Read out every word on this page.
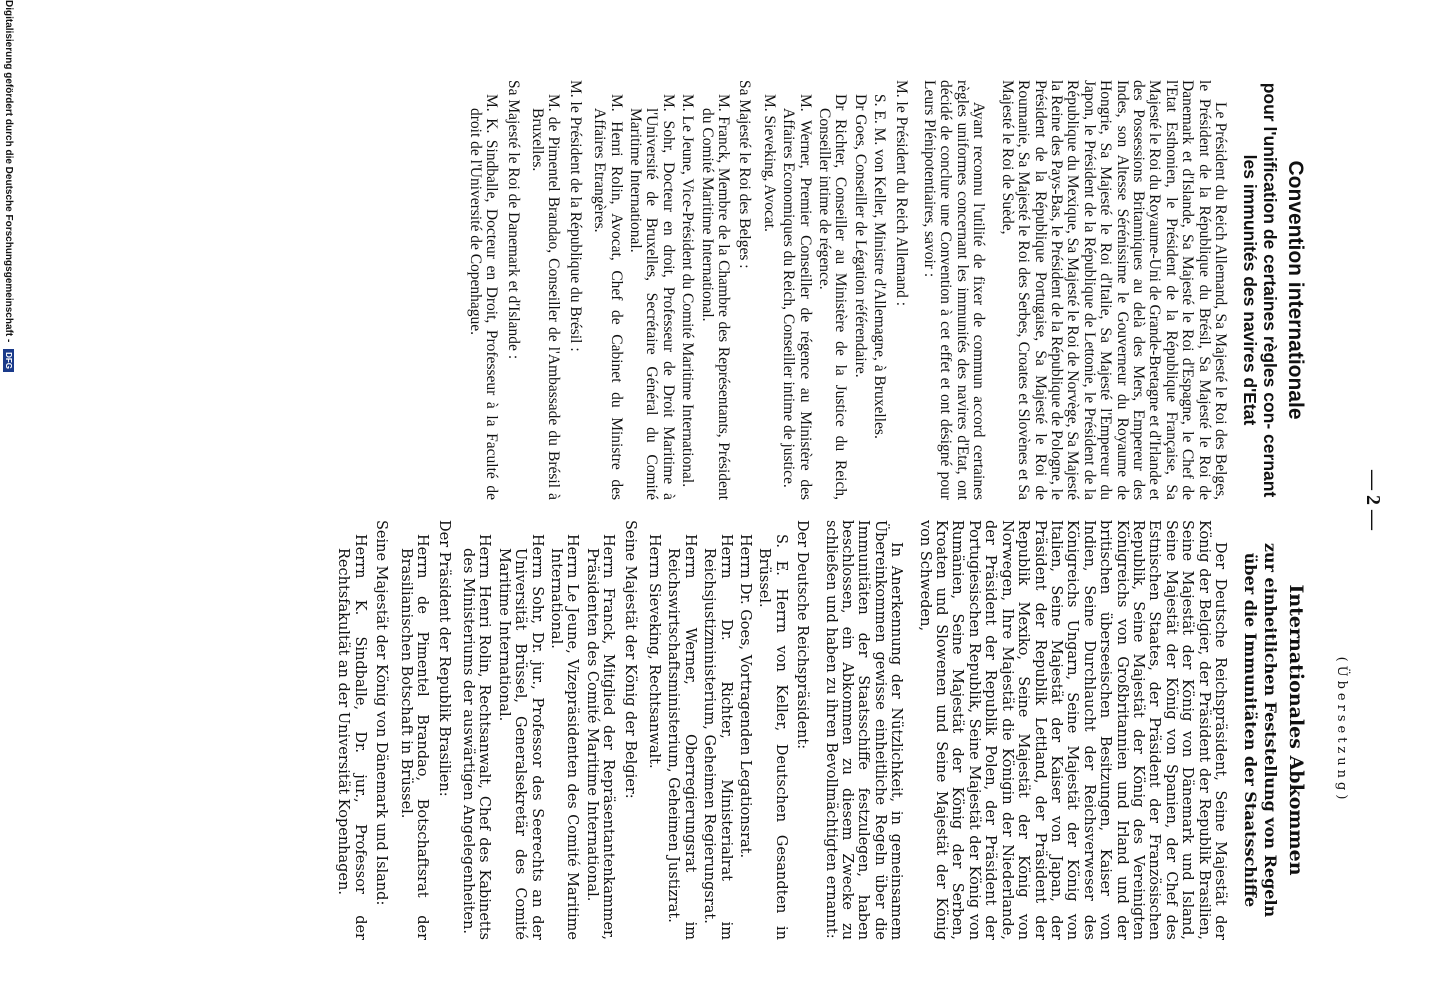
— 2 —
Convention internationale
pour l'unification de certaines règles con- cernant les immunités des navires d'Etat

Le Président du Reich Allemand, Sa Majesté le Roi des Belges, le Président de la République du Brésil, Sa Majesté le Roi de Danemark et d'Islande, Sa Majesté le Roi d'Espagne, le Chef de l'Etat Esthonien, le Président de la République Française, Sa Majesté le Roi du Royaume-Uni de Grande-Bretagne et d'Irlande et des Possessions Britanniques au delà des Mers, Empereur des Indes, son Altesse Sérénissime le Gouverneur du Royaume de Hongrie, Sa Majesté le Roi d'Italie, Sa Majesté l'Empereur du Japon, le Président de la République de Lettonie, le Président de la République du Mexique, Sa Majesté le Roi de Norvège, Sa Majesté la Reine des Pays-Bas, le Président de la République de Pologne, le Président de la République Portugaise, Sa Majesté le Roi de Roumanie, Sa Majesté le Roi des Serbes, Croates et Slovènes et Sa Majesté le Roi de Suède,

Ayant reconnu l'utilité de fixer de commun accord certaines règles uniformes concernant les immunités des navires d'Etat, ont décidé de conclure une Convention à cet effet et ont désigné pour Leurs Plénipotentiaires, savoir :

M. le Président du Reich Allemand :
S. E. M. von Keller, Ministre d'Allemagne, à Bruxelles.
Dr Goes, Conseiller de Légation référendaire.
Dr Richter, Conseiller au Ministère de la Justice du Reich, Conseiller intime de régence.
M. Werner, Premier Conseiller de régence au Ministère des Affaires Economiques du Reich, Conseiller intime de justice.
M. Sieveking, Avocat.
Sa Majesté le Roi des Belges :
M. Franck, Membre de la Chambre des Représentants, Président du Comité Maritime International.
M. Le Jeune, Vice-Président du Comité Maritime International.
M. Sohr, Docteur en droit, Professeur de Droit Maritime à l'Université de Bruxelles, Secrétaire Général du Comité Maritime International.
M. Henri Rolin, Avocat, Chef de Cabinet du Ministre des Affaires Etrangères.
M. le Président de la République du Brésil :
M. de Pimentel Brandao, Conseiller de l'Ambassade du Brésil à Bruxelles.
Sa Majesté le Roi de Danemark et d'Islande :
M. K. Sindballe, Docteur en Droit, Professeur à la Faculté de droit de l'Université de Copenhague.
(Übersetzung)
Internationales Abkommen
zur einheitlichen Feststellung von Regeln über die Immunitäten der Staatsschiffe

Der Deutsche Reichspräsident, Seine Majestät der König der Belgier, der Präsident der Republik Brasilien, Seine Majestät der König von Dänemark und Island, Seine Majestät der König von Spanien, der Chef des Estnischen Staates, der Präsident der Französischen Republik, Seine Majestät der König des Vereinigten Königreichs von Großbritannien und Irland und der britischen überseeischen Besitzungen, Kaiser von Indien, Seine Durchlaucht der Reichsverweser des Königreichs Ungarn, Seine Majestät der König von Italien, Seine Majestät der Kaiser von Japan, der Präsident der Republik Lettland, der Präsident der Republik Mexiko, Seine Majestät der König von Norwegen, Ihre Majestät die Königin der Niederlande, der Präsident der Republik Polen, der Präsident der Portugiesischen Republik, Seine Majestät der König von Rumänien, Seine Majestät der König der Serben, Kroaten und Slowenen und Seine Majestät der König von Schweden,

In Anerkennung der Nützlichkeit, in gemeinsamem Übereinkommen gewisse einheitliche Regeln über die Immunitäten der Staatsschiffe festzulegen, haben beschlossen, ein Abkommen zu diesem Zwecke zu schließen und haben zu ihren Bevollmächtigten ernannt:

Der Deutsche Reichspräsident:
S. E. Herrn von Keller, Deutschen Gesandten in Brüssel.
Herrn Dr. Goes, Vortragenden Legationsrat.
Herrn Dr. Richter, Ministerialrat im Reichsjustizministerium, Geheimen Regierungsrat.
Herrn Werner, Oberregierungsrat im Reichswirtschaftsministerium, Geheimen Justizrat.
Herrn Sieveking, Rechtsanwalt.
Seine Majestät der König der Belgier:
Herrn Franck, Mitglied der Repräsentantenkammer, Präsidenten des Comité Maritime International.
Herrn Le Jeune, Vizepräsidenten des Comité Maritime International.
Herrn Sohr, Dr. jur., Professor des Seerechts an der Universität Brüssel, Generalsekretär des Comité Maritime International.
Herrn Henri Rolin, Rechtsanwalt, Chef des Kabinetts des Ministeriums der auswärtigen Angelegenheiten.
Der Präsident der Republik Brasilien:
Herrn de Pimentel Brandao, Botschaftsrat der Brasilianischen Botschaft in Brüssel.
Seine Majestät der König von Dänemark und Island:
Herrn K. Sindballe, Dr. jur., Professor der Rechtsfakultät an der Universität Kopenhagen.
Digitalisierung gefördert durch die Deutsche Forschungsgemeinschaft - DFG
